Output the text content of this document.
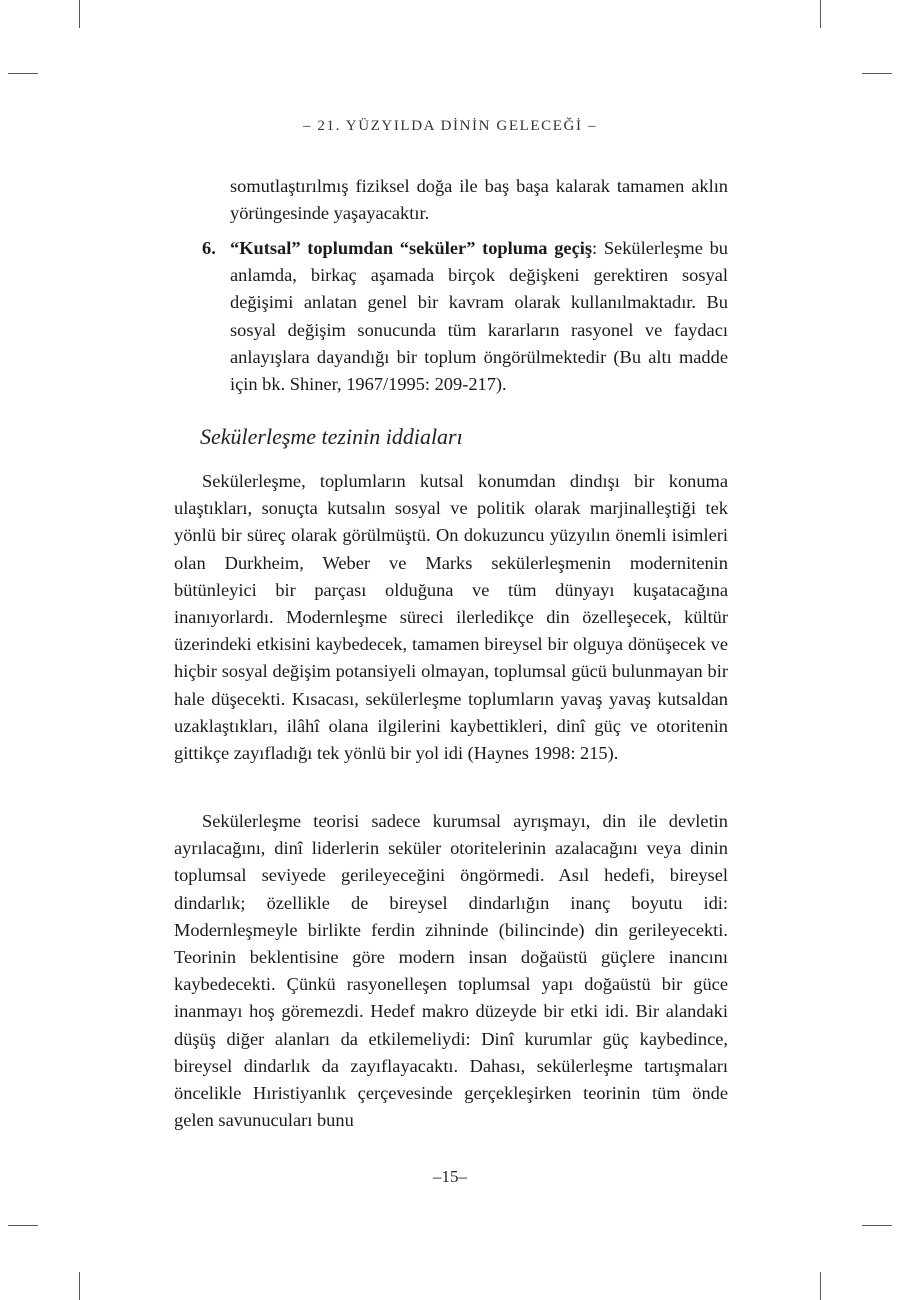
– 21. YÜZYILDA DİNİN GELECEĞİ –

somutlaştırılmış fiziksel doğa ile baş başa kalarak tamamen aklın yörüngesinde yaşayacaktır.

6. “Kutsal” toplumdan “seküler” topluma geçiş: Sekülerleşme bu anlamda, birkaç aşamada birçok değişkeni gerektiren sosyal değişimi anlatan genel bir kavram olarak kullanılmaktadır. Bu sosyal değişim sonucunda tüm kararların rasyonel ve faydacı anlayışlara dayandığı bir toplum öngörülmektedir (Bu altı madde için bk. Shiner, 1967/1995: 209-217).

Sekülerleşme tezinin iddiaları

Sekülerleşme, toplumların kutsal konumdan dindışı bir konuma ulaştıkları, sonuçta kutsalın sosyal ve politik olarak marjinalleştiği tek yönlü bir süreç olarak görülmüştü. On dokuzuncu yüzyılın önemli isimleri olan Durkheim, Weber ve Marks sekülerleşmenin modernitenin bütünleyici bir parçası olduğuna ve tüm dünyayı kuşatacağına inanıyorlardı. Modernleşme süreci ilerledikçe din özelleşecek, kültür üzerindeki etkisini kaybedecek, tamamen bireysel bir olguya dönüşecek ve hiçbir sosyal değişim potansiyeli olmayan, toplumsal gücü bulunmayan bir hale düşecekti. Kısacası, sekülerleşme toplumların yavaş yavaş kutsaldan uzaklaştıkları, ilâhî olana ilgilerini kaybettikleri, dinî güç ve otoritenin gittikçe zayıfladığı tek yönlü bir yol idi (Haynes 1998: 215).

Sekülerleşme teorisi sadece kurumsal ayrışmayı, din ile devletin ayrılacağını, dinî liderlerin seküler otoritelerinin azalacağını veya dinin toplumsal seviyede gerileyeceğini öngörmedi. Asıl hedefi, bireysel dindarlık; özellikle de bireysel dindarlığın inanç boyutu idi: Modernleşmeyle birlikte ferdin zihninde (bilincinde) din gerileyecekti. Teorinin beklentisine göre modern insan doğaüstü güçlere inancını kaybedecekti. Çünkü rasyonelleşen toplumsal yapı doğaüstü bir güce inanmayı hoş göremezdi. Hedef makro düzeyde bir etki idi. Bir alandaki düşüş diğer alanları da etkilemeliydi: Dinî kurumlar güç kaybedince, bireysel dindarlık da zayıflayacaktı. Dahası, sekülerleşme tartışmaları öncelikle Hıristiyanlık çerçevesinde gerçekleşirken teorinin tüm önde gelen savunucuları bunu

–15–
